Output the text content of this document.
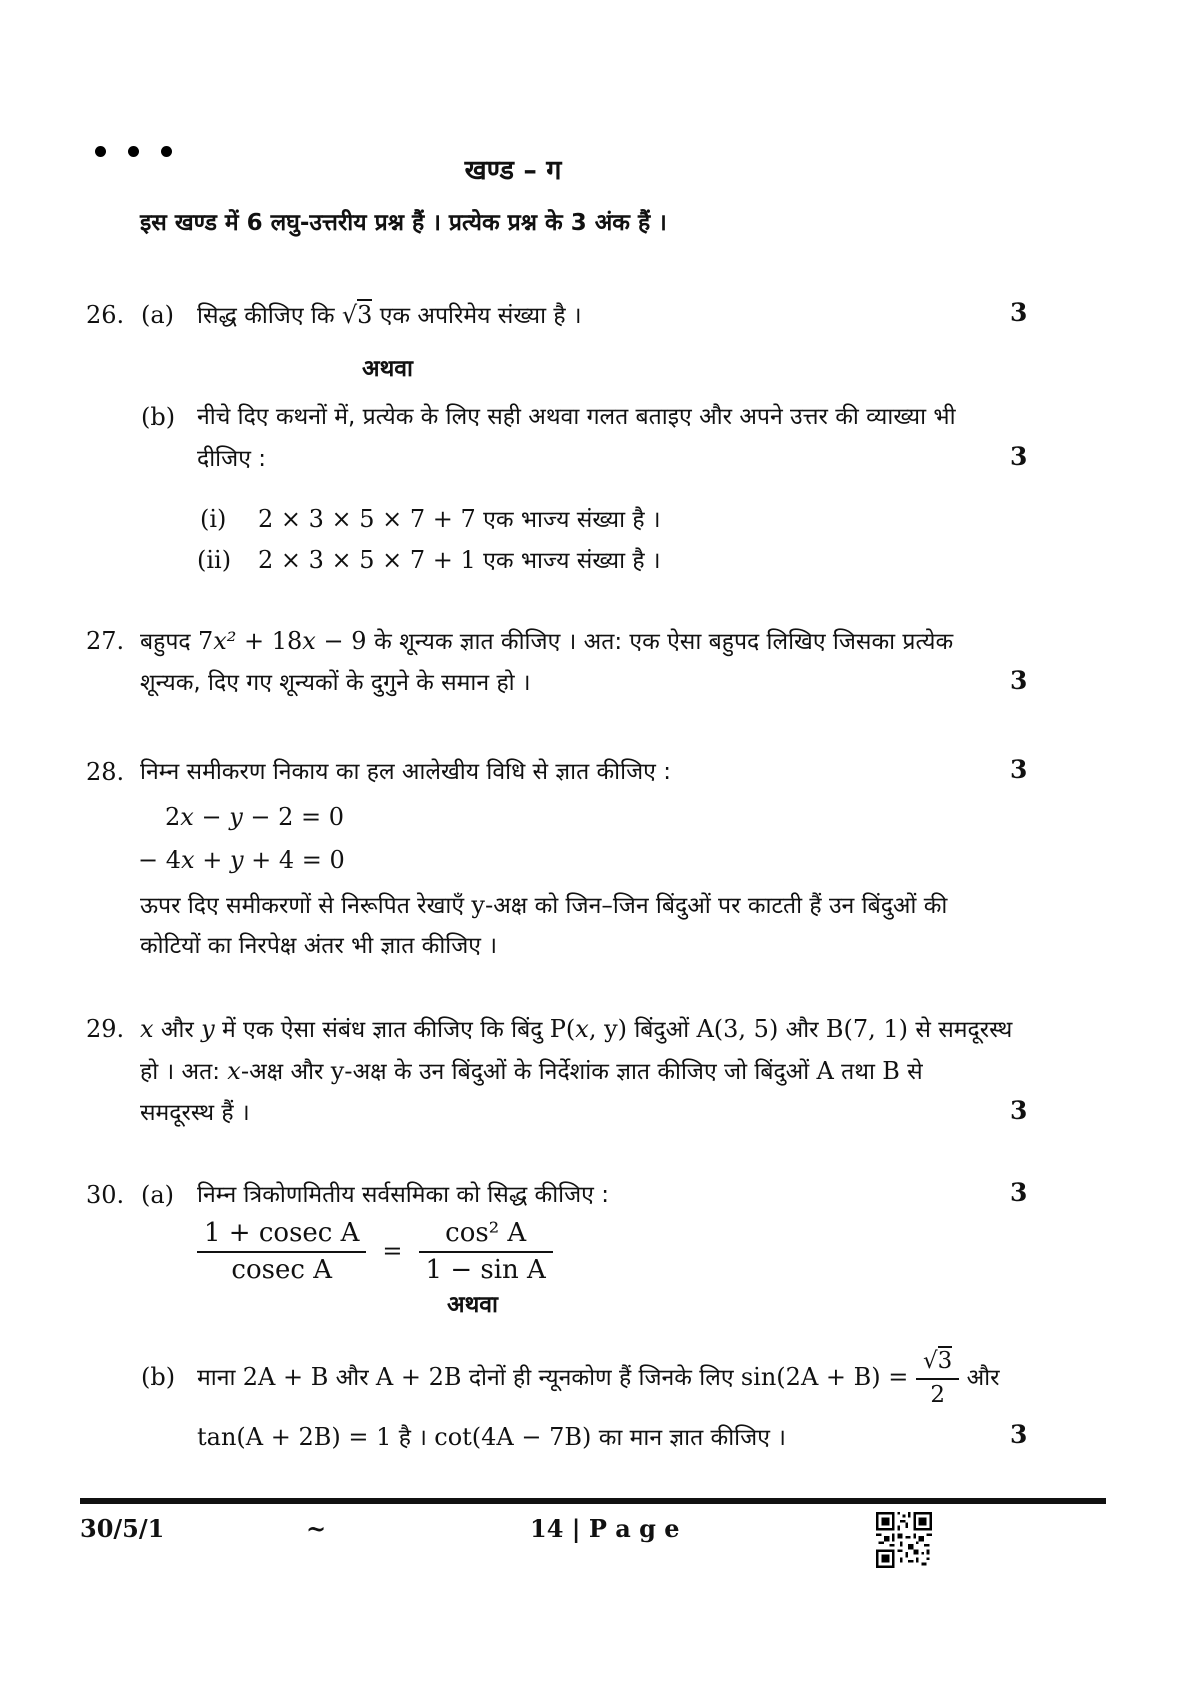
खण्ड – ग
इस खण्ड में 6 लघु-उत्तरीय प्रश्न हैं । प्रत्येक प्रश्न के 3 अंक हैं ।
26. (a) सिद्ध कीजिए कि √3 एक अपरिमेय संख्या है ।	3
अथवा
(b) नीचे दिए कथनों में, प्रत्येक के लिए सही अथवा गलत बताइए और अपने उत्तर की व्याख्या भी
दीजिए :	3
(i) 2 × 3 × 5 × 7 + 7 एक भाज्य संख्या है ।
(ii) 2 × 3 × 5 × 7 + 1 एक भाज्य संख्या है ।
27. बहुपद 7x² + 18x − 9 के शून्यक ज्ञात कीजिए । अत: एक ऐसा बहुपद लिखिए जिसका प्रत्येक
शून्यक, दिए गए शून्यकों के दुगुने के समान हो ।	3
28. निम्न समीकरण निकाय का हल आलेखीय विधि से ज्ञात कीजिए :	3
2x − y − 2 = 0
− 4x + y + 4 = 0
ऊपर दिए समीकरणों से निरूपित रेखाएँ y-अक्ष को जिन–जिन बिंदुओं पर काटती हैं उन बिंदुओं की
कोटियों का निरपेक्ष अंतर भी ज्ञात कीजिए ।
29. x और y में एक ऐसा संबंध ज्ञात कीजिए कि बिंदु P(x, y) बिंदुओं A(3, 5) और B(7, 1) से समदूरस्थ
हो । अत: x-अक्ष और y-अक्ष के उन बिंदुओं के निर्देशांक ज्ञात कीजिए जो बिंदुओं A तथा B से
समदूरस्थ हैं ।	3
30. (a) निम्न त्रिकोणमितीय सर्वसमिका को सिद्ध कीजिए :	3
$\frac{\text{1 + cosec A}}{\text{cosec A}} = \frac{\text{cos² A}}{\text{1 − sin A}}$
अथवा
(b) माना 2A + B और A + 2B दोनों ही न्यूनकोण हैं जिनके लिए $\sin(2A + B) = \frac{√3}{2}$ और
tan(A + 2B) = 1 है । cot(4A − 7B) का मान ज्ञात कीजिए ।	3
30/5/1	~	14 | P a g e
